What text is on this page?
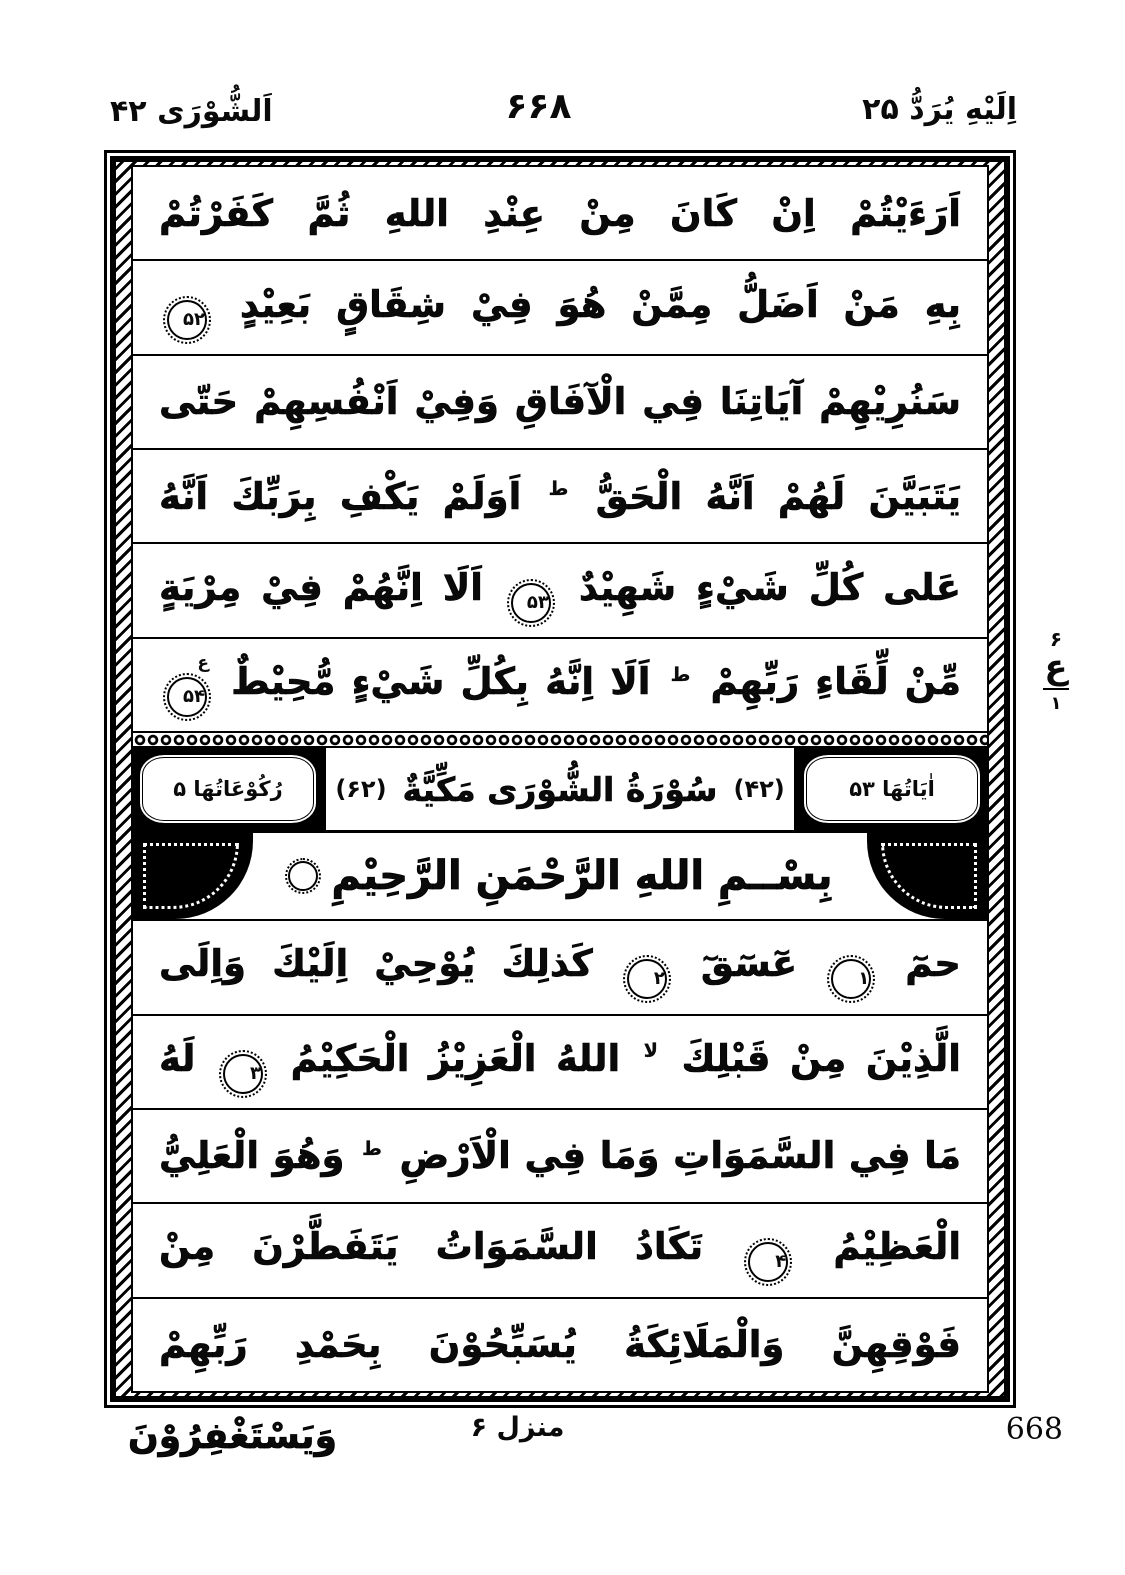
اِلَيْهِ يُرَدُّ ۲۵
۶۶۸
اَلشُّوْرَى ۴۲
اَرَءَيْتُمْ اِنْ كَانَ مِنْ عِنْدِ اللهِ ثُمَّ كَفَرْتُمْ
بِهِ مَنْ اَضَلُّ مِمَّنْ هُوَ فِيْ شِقَاقٍ بَعِيْدٍ ۵۲
سَنُرِيْهِمْ آيَاتِنَا فِي الْآفَاقِ وَفِيْ اَنْفُسِهِمْ حَتّى
يَتَبَيَّنَ لَهُمْ اَنَّهُ الْحَقُّ $^ط$ اَوَلَمْ يَكْفِ بِرَبِّكَ اَنَّهُ
عَلى كُلِّ شَيْءٍ شَهِيْدٌ ۵۳ اَلَا اِنَّهُمْ فِيْ مِرْيَةٍ
مِّنْ لِّقَاءِ رَبِّهِمْ $^ط$ اَلَا اِنَّهُ بِكُلِّ شَيْءٍ مُّحِيْطٌ ۵۴
ع
اٰيَاتُهَا ۵۳
(۴۲)
سُوْرَةُ الشُّوْرَى مَكِّيَّةٌ
(۶۲)
رُكُوْعَاتُهَا ۵
بِسْــمِ اللهِ الرَّحْمَنِ الرَّحِيْمِ
حمٓ ۱ عٓسٓقٓ ۲ كَذلِكَ يُوْحِيْ اِلَيْكَ وَاِلَى
الَّذِيْنَ مِنْ قَبْلِكَ $^{لا}$ اللهُ الْعَزِيْزُ الْحَكِيْمُ ۳ لَهُ
مَا فِي السَّمَوَاتِ وَمَا فِي الْاَرْضِ $^ط$ وَهُوَ الْعَلِيُّ
الْعَظِيْمُ ۴ تَكَادُ السَّمَوَاتُ يَتَفَطَّرْنَ مِنْ
فَوْقِهِنَّ وَالْمَلَائِكَةُ يُسَبِّحُوْنَ بِحَمْدِ رَبِّهِمْ
۶
ع
۱
وَيَسْتَغْفِرُوْنَ	منزل ۶	668
